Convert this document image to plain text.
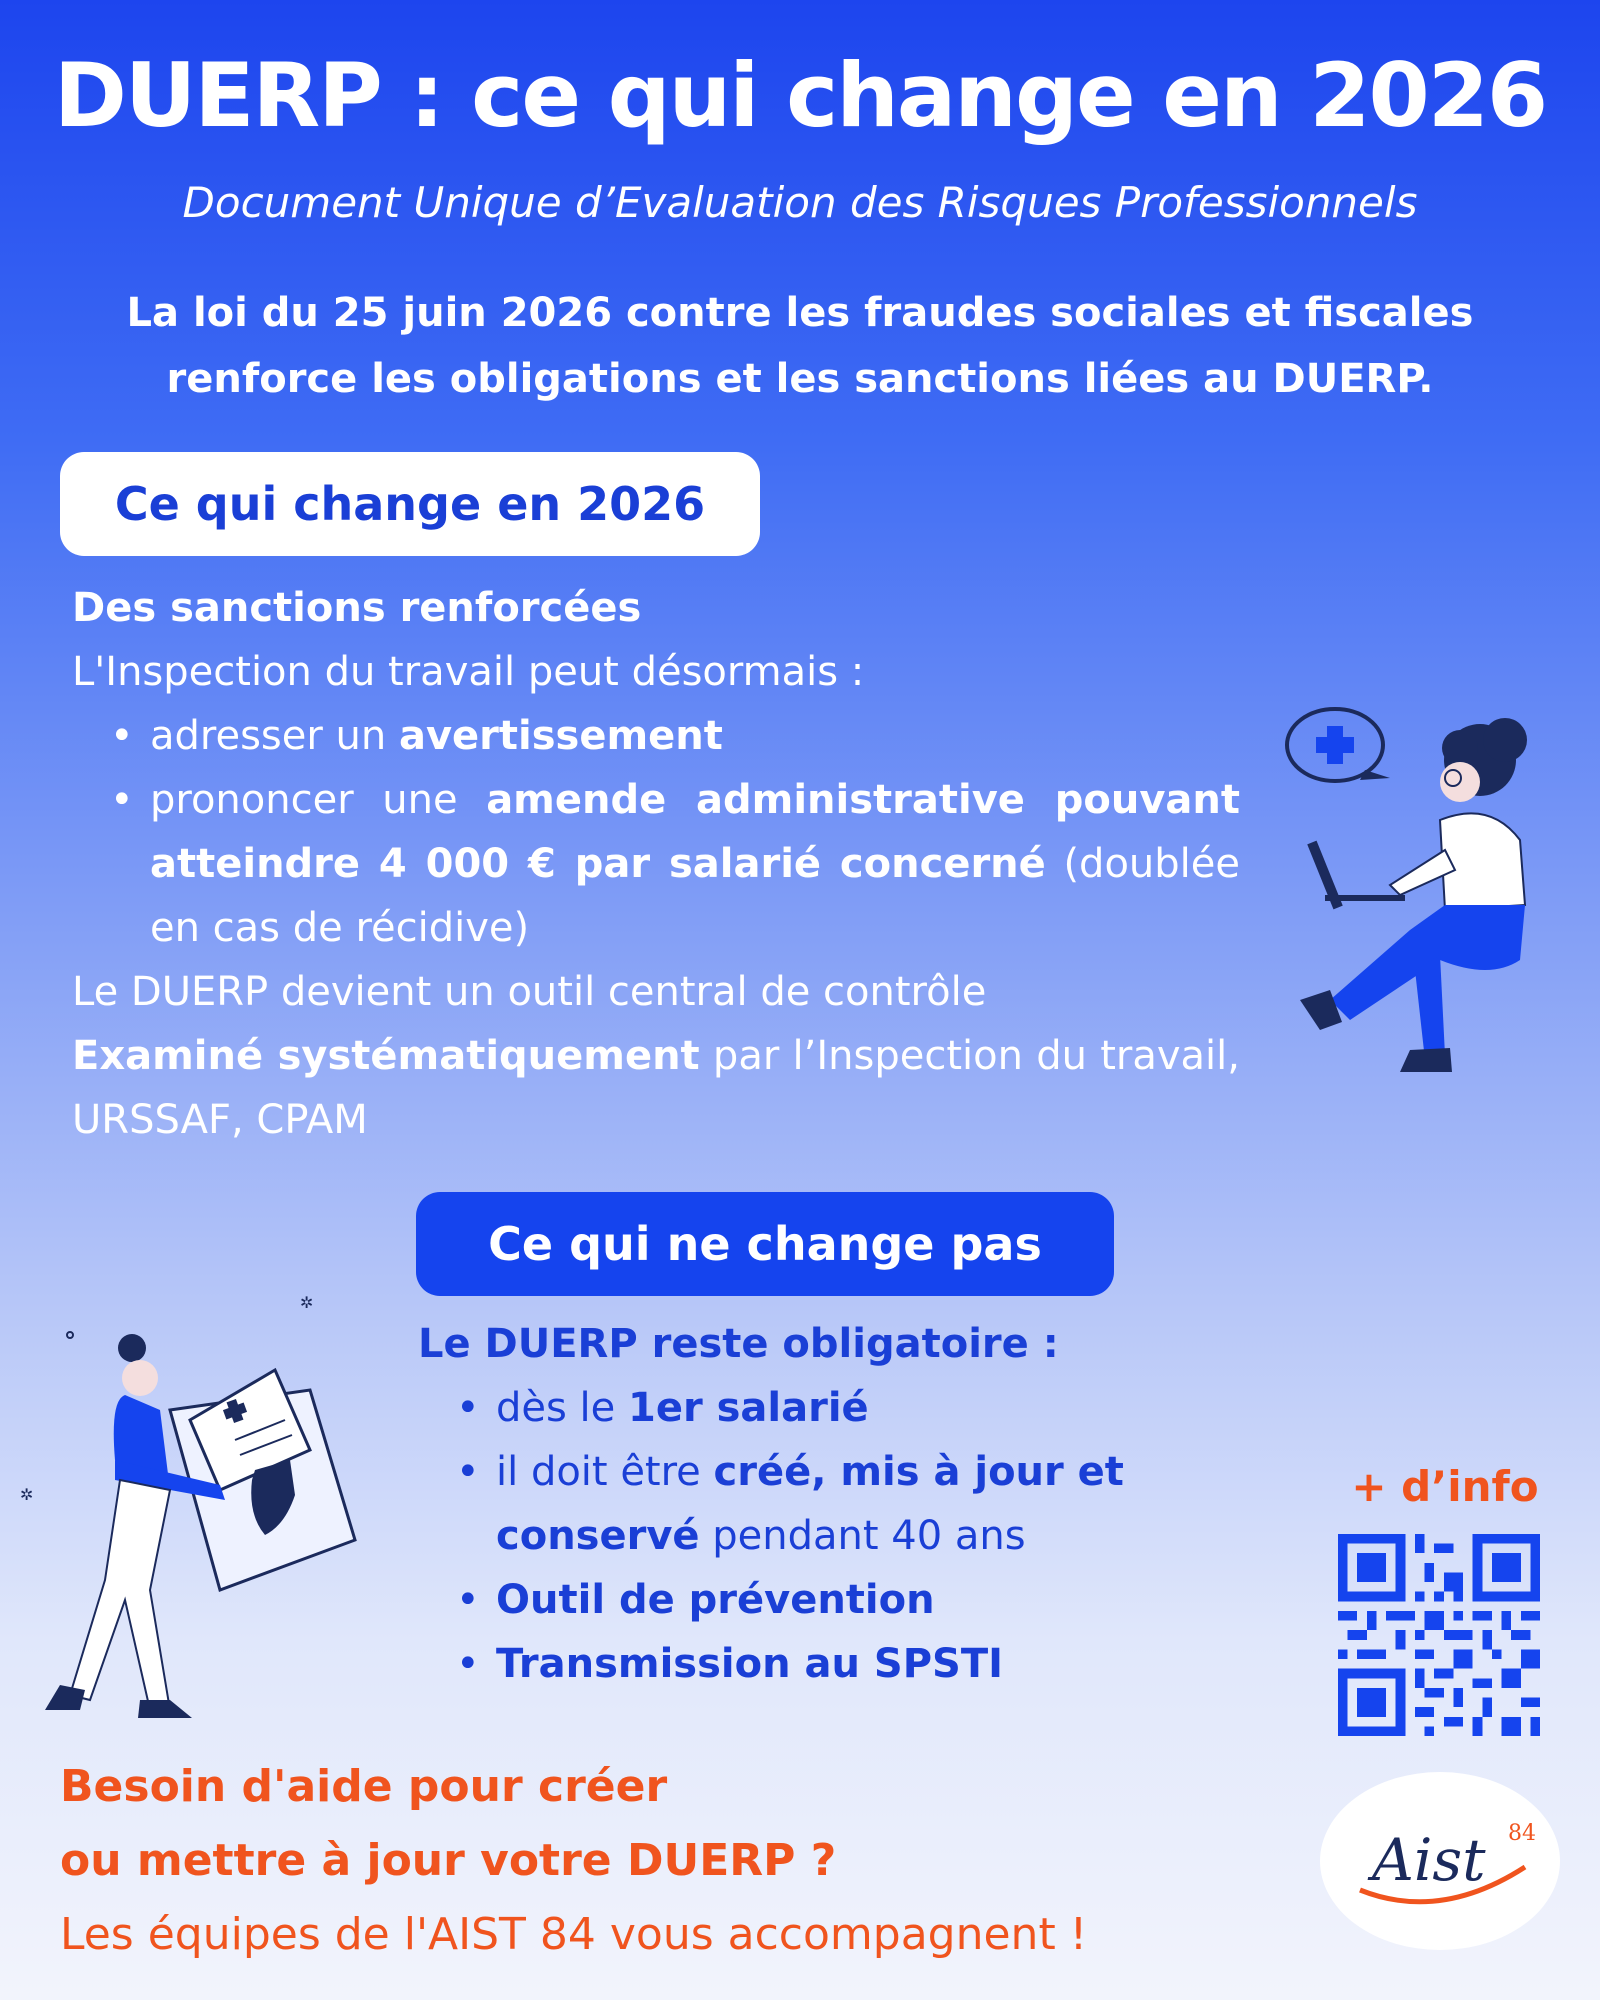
DUERP : ce qui change en 2026
Document Unique d’Evaluation des Risques Professionnels
La loi du 25 juin 2026 contre les fraudes sociales et fiscales
renforce les obligations et les sanctions liées au DUERP.
Ce qui change en 2026
Des sanctions renforcées
L'Inspection du travail peut désormais :
• adresser un avertissement
• prononcer une amende administrative pouvant atteindre 4 000 € par salarié concerné (doublée en cas de récidive)
Le DUERP devient un outil central de contrôle
Examiné systématiquement par l’Inspection du travail, URSSAF, CPAM
Ce qui ne change pas
✲
✲
Le DUERP reste obligatoire :
• dès le 1er salarié
• il doit être créé, mis à jour et conservé pendant 40 ans
• Outil de prévention
• Transmission au SPSTI
+ d’info
Aist 84
Besoin d'aide pour créer
ou mettre à jour votre DUERP ?
Les équipes de l'AIST 84 vous accompagnent !
